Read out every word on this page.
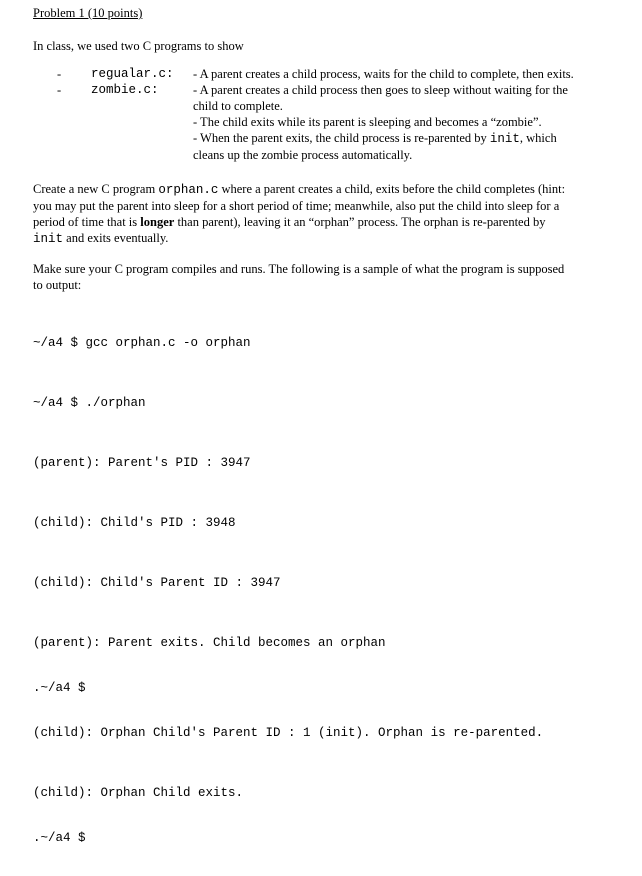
Problem 1 (10 points)
In class, we used two C programs to show
-	regualar.c:	- A parent creates a child process, waits for the child to complete, then exits.
-	zombie.c:	- A parent creates a child process then goes to sleep without waiting for the
child to complete.
- The child exits while its parent is sleeping and becomes a “zombie”.
- When the parent exits, the child process is re-parented by init, which
cleans up the zombie process automatically.
Create a new C program orphan.c where a parent creates a child, exits before the child completes (hint:
you may put the parent into sleep for a short period of time; meanwhile, also put the child into sleep for a
period of time that is longer than parent), leaving it an “orphan” process. The orphan is re-parented by
init and exits eventually.
Make sure your C program compiles and runs. The following is a sample of what the program is supposed
to output:

~/a4 $ gcc orphan.c -o orphan

~/a4 $ ./orphan

(parent): Parent's PID : 3947

(child): Child's PID : 3948

(child): Child's Parent ID : 3947

(parent): Parent exits. Child becomes an orphan

.~/a4 $

(child): Orphan Child's Parent ID : 1 (init). Orphan is re-parented.

(child): Orphan Child exits.

.~/a4 $
